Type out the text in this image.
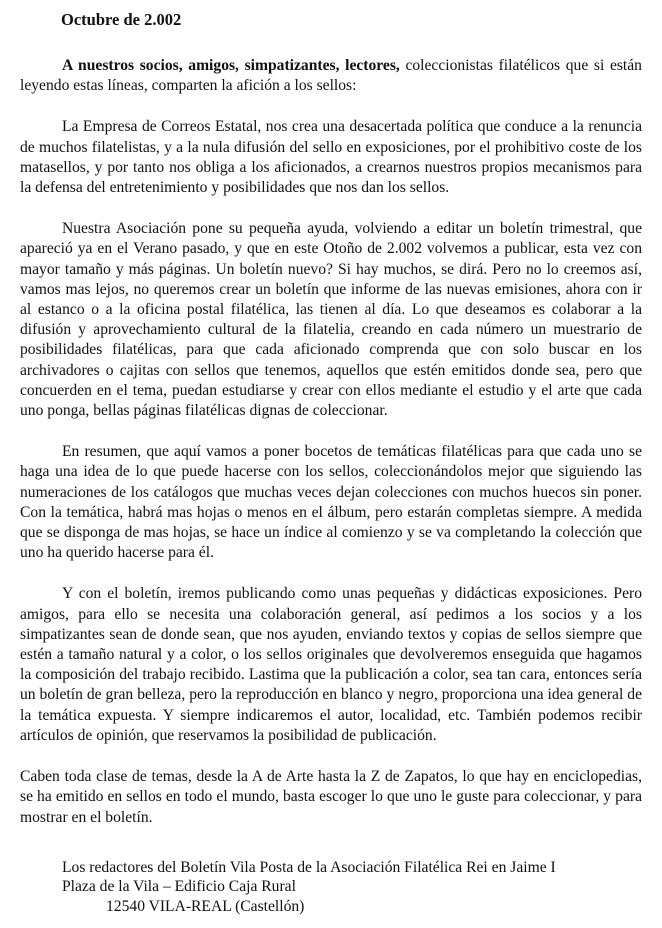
Octubre de 2.002

A nuestros socios, amigos, simpatizantes, lectores, coleccionistas filatélicos que si están leyendo estas líneas, comparten la afición a los sellos:

La Empresa de Correos Estatal, nos crea una desacertada política que conduce a la renuncia de muchos filatelistas, y a la nula difusión del sello en exposiciones, por el prohibitivo coste de los matasellos, y por tanto nos obliga a los aficionados, a crearnos nuestros propios mecanismos para la defensa del entretenimiento y posibilidades que nos dan los sellos.

Nuestra Asociación pone su pequeña ayuda, volviendo a editar un boletín trimestral, que apareció ya en el Verano pasado, y que en este Otoño de 2.002 volvemos a publicar, esta vez con mayor tamaño y más páginas. Un boletín nuevo? Si hay muchos, se dirá. Pero no lo creemos así, vamos mas lejos, no queremos crear un boletín que informe de las nuevas emisiones, ahora con ir al estanco o a la oficina postal filatélica, las tienen al día. Lo que deseamos es colaborar a la difusión y aprovechamiento cultural de la filatelia, creando en cada número un muestrario de posibilidades filatélicas, para que cada aficionado comprenda que con solo buscar en los archivadores o cajitas con sellos que tenemos, aquellos que estén emitidos donde sea, pero que concuerden en el tema, puedan estudiarse y crear con ellos mediante el estudio y el arte que cada uno ponga, bellas páginas filatélicas dignas de coleccionar.

En resumen, que aquí vamos a poner bocetos de temáticas filatélicas para que cada uno se haga una idea de lo que puede hacerse con los sellos, coleccionándolos mejor que siguiendo las numeraciones de los catálogos que muchas veces dejan colecciones con muchos huecos sin poner. Con la temática, habrá mas hojas o menos en el álbum, pero estarán completas siempre. A medida que se disponga de mas hojas, se hace un índice al comienzo y se va completando la colección que uno ha querido hacerse para él.

Y con el boletín, iremos publicando como unas pequeñas y didácticas exposiciones. Pero amigos, para ello se necesita una colaboración general, así pedimos a los socios y a los simpatizantes sean de donde sean, que nos ayuden, enviando textos y copias de sellos siempre que estén a tamaño natural y a color, o los sellos originales que devolveremos enseguida que hagamos la composición del trabajo recibido. Lastima que la publicación a color, sea tan cara, entonces sería un boletín de gran belleza, pero la reproducción en blanco y negro, proporciona una idea general de la temática expuesta. Y siempre indicaremos el autor, localidad, etc. También podemos recibir artículos de opinión, que reservamos la posibilidad de publicación.

Caben toda clase de temas, desde la A de Arte hasta la Z de Zapatos, lo que hay en enciclopedias, se ha emitido en sellos en todo el mundo, basta escoger lo que uno le guste para coleccionar, y para mostrar en el boletín.

Los redactores del Boletín Vila Posta de la Asociación Filatélica Rei en Jaime I
Plaza de la Vila – Edificio Caja Rural
12540 VILA-REAL (Castellón)
